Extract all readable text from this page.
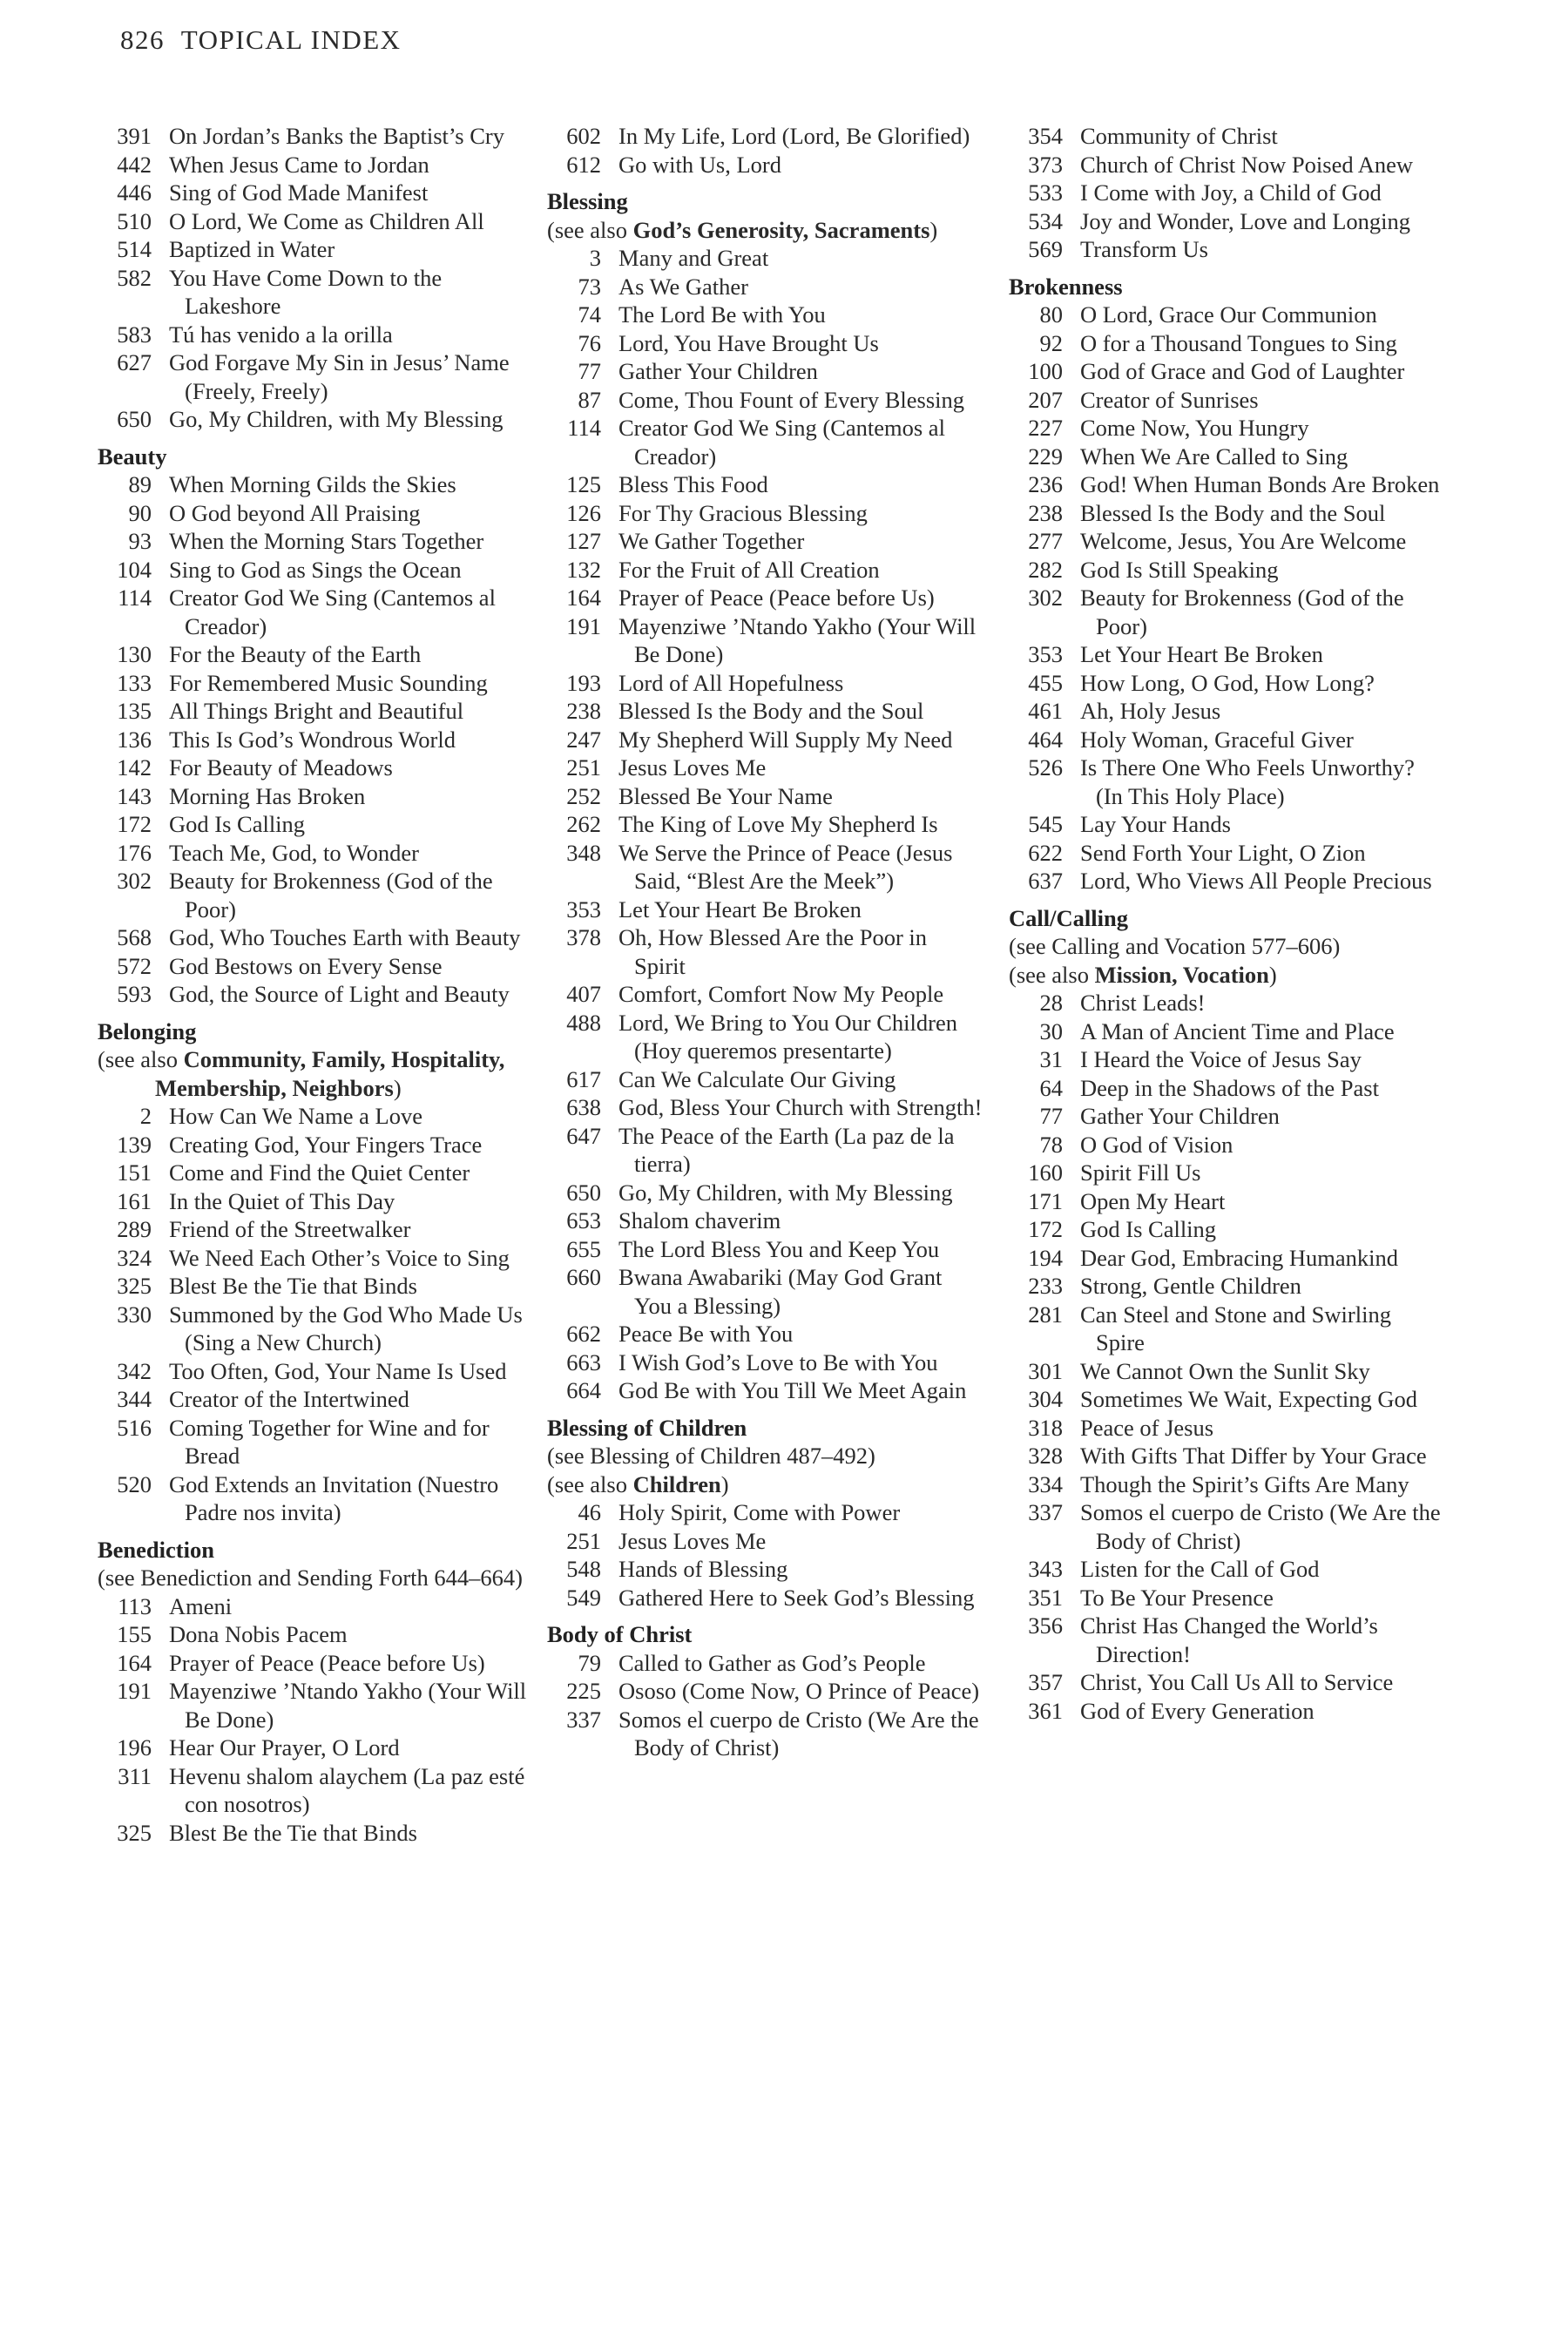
826 TOPICAL INDEX
391 On Jordan’s Banks the Baptist’s Cry
442 When Jesus Came to Jordan
446 Sing of God Made Manifest
510 O Lord, We Come as Children All
514 Baptized in Water
582 You Have Come Down to the Lakeshore
583 Tú has venido a la orilla
627 God Forgave My Sin in Jesus’ Name (Freely, Freely)
650 Go, My Children, with My Blessing
Beauty
89 When Morning Gilds the Skies
90 O God beyond All Praising
93 When the Morning Stars Together
104 Sing to God as Sings the Ocean
114 Creator God We Sing (Cantemos al Creador)
130 For the Beauty of the Earth
133 For Remembered Music Sounding
135 All Things Bright and Beautiful
136 This Is God’s Wondrous World
142 For Beauty of Meadows
143 Morning Has Broken
172 God Is Calling
176 Teach Me, God, to Wonder
302 Beauty for Brokenness (God of the Poor)
568 God, Who Touches Earth with Beauty
572 God Bestows on Every Sense
593 God, the Source of Light and Beauty
Belonging
(see also Community, Family, Hospitality, Membership, Neighbors)
2 How Can We Name a Love
139 Creating God, Your Fingers Trace
151 Come and Find the Quiet Center
161 In the Quiet of This Day
289 Friend of the Streetwalker
324 We Need Each Other’s Voice to Sing
325 Blest Be the Tie that Binds
330 Summoned by the God Who Made Us (Sing a New Church)
342 Too Often, God, Your Name Is Used
344 Creator of the Intertwined
516 Coming Together for Wine and for Bread
520 God Extends an Invitation (Nuestro Padre nos invita)
Benediction
(see Benediction and Sending Forth 644–664)
113 Ameni
155 Dona Nobis Pacem
164 Prayer of Peace (Peace before Us)
191 Mayenziwe ’Ntando Yakho (Your Will Be Done)
196 Hear Our Prayer, O Lord
311 Hevenu shalom alaychem (La paz esté con nosotros)
325 Blest Be the Tie that Binds
602 In My Life, Lord (Lord, Be Glorified)
612 Go with Us, Lord
Blessing
(see also God’s Generosity, Sacraments)
3 Many and Great
73 As We Gather
74 The Lord Be with You
76 Lord, You Have Brought Us
77 Gather Your Children
87 Come, Thou Fount of Every Blessing
114 Creator God We Sing (Cantemos al Creador)
125 Bless This Food
126 For Thy Gracious Blessing
127 We Gather Together
132 For the Fruit of All Creation
164 Prayer of Peace (Peace before Us)
191 Mayenziwe ’Ntando Yakho (Your Will Be Done)
193 Lord of All Hopefulness
238 Blessed Is the Body and the Soul
247 My Shepherd Will Supply My Need
251 Jesus Loves Me
252 Blessed Be Your Name
262 The King of Love My Shepherd Is
348 We Serve the Prince of Peace (Jesus Said, “Blest Are the Meek”)
353 Let Your Heart Be Broken
378 Oh, How Blessed Are the Poor in Spirit
407 Comfort, Comfort Now My People
488 Lord, We Bring to You Our Children (Hoy queremos presentarte)
617 Can We Calculate Our Giving
638 God, Bless Your Church with Strength!
647 The Peace of the Earth (La paz de la tierra)
650 Go, My Children, with My Blessing
653 Shalom chaverim
655 The Lord Bless You and Keep You
660 Bwana Awabariki (May God Grant You a Blessing)
662 Peace Be with You
663 I Wish God’s Love to Be with You
664 God Be with You Till We Meet Again
Blessing of Children
(see Blessing of Children 487–492)
(see also Children)
46 Holy Spirit, Come with Power
251 Jesus Loves Me
548 Hands of Blessing
549 Gathered Here to Seek God’s Blessing
Body of Christ
79 Called to Gather as God’s People
225 Ososo (Come Now, O Prince of Peace)
337 Somos el cuerpo de Cristo (We Are the Body of Christ)
354 Community of Christ
373 Church of Christ Now Poised Anew
533 I Come with Joy, a Child of God
534 Joy and Wonder, Love and Longing
569 Transform Us
Brokenness
80 O Lord, Grace Our Communion
92 O for a Thousand Tongues to Sing
100 God of Grace and God of Laughter
207 Creator of Sunrises
227 Come Now, You Hungry
229 When We Are Called to Sing
236 God! When Human Bonds Are Broken
238 Blessed Is the Body and the Soul
277 Welcome, Jesus, You Are Welcome
282 God Is Still Speaking
302 Beauty for Brokenness (God of the Poor)
353 Let Your Heart Be Broken
455 How Long, O God, How Long?
461 Ah, Holy Jesus
464 Holy Woman, Graceful Giver
526 Is There One Who Feels Unworthy? (In This Holy Place)
545 Lay Your Hands
622 Send Forth Your Light, O Zion
637 Lord, Who Views All People Precious
Call/Calling
(see Calling and Vocation 577–606)
(see also Mission, Vocation)
28 Christ Leads!
30 A Man of Ancient Time and Place
31 I Heard the Voice of Jesus Say
64 Deep in the Shadows of the Past
77 Gather Your Children
78 O God of Vision
160 Spirit Fill Us
171 Open My Heart
172 God Is Calling
194 Dear God, Embracing Humankind
233 Strong, Gentle Children
281 Can Steel and Stone and Swirling Spire
301 We Cannot Own the Sunlit Sky
304 Sometimes We Wait, Expecting God
318 Peace of Jesus
328 With Gifts That Differ by Your Grace
334 Though the Spirit’s Gifts Are Many
337 Somos el cuerpo de Cristo (We Are the Body of Christ)
343 Listen for the Call of God
351 To Be Your Presence
356 Christ Has Changed the World’s Direction!
357 Christ, You Call Us All to Service
361 God of Every Generation
